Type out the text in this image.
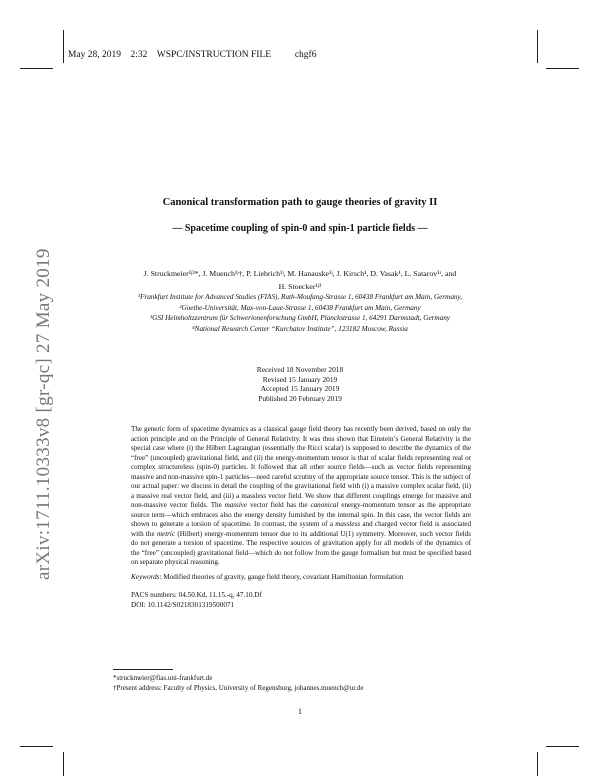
May 28, 2019 2:32 WSPC/INSTRUCTION FILE	chgf6
arXiv:1711.10333v8 [gr-qc] 27 May 2019
Canonical transformation path to gauge theories of gravity II
— Spacetime coupling of spin-0 and spin-1 particle fields —
J. Struckmeier¹ʲ³*, J. Muench¹ʲ†, P. Liebrich¹ʲ, M. Hanauske¹ʲ, J. Kirsch¹, D. Vasak¹, L. Satarov¹ʴ, and
H. Stoecker¹ʲ³
¹Frankfurt Institute for Advanced Studies (FIAS), Ruth-Moufang-Strasse 1, 60438 Frankfurt am Main, Germany,
²Goethe-Universität, Max-von-Laue-Strasse 1, 60438 Frankfurt am Main, Germany
³GSI Helmholtzzentrum für Schwerionenforschung GmbH, Planckstrasse 1, 64291 Darmstadt, Germany
⁴National Research Center “Kurchatov Institute”, 123182 Moscow, Russia
Received 18 November 2018
Revised 15 January 2019
Accepted 15 January 2019
Published 20 February 2019
The generic form of spacetime dynamics as a classical gauge field theory has recently been derived, based on only the action principle and on the Principle of General Relativity. It was thus shown that Einstein’s General Relativity is the special case where (i) the Hilbert Lagrangian (essentially the Ricci scalar) is supposed to describe the dynamics of the “free” (uncoupled) gravitational field, and (ii) the energy-momentum tensor is that of scalar fields representing real or complex structureless (spin-0) particles. It followed that all other source fields—such as vector fields representing massive and non-massive spin-1 particles—need careful scrutiny of the appropriate source tensor. This is the subject of our actual paper: we discuss in detail the coupling of the gravitational field with (i) a massive complex scalar field, (ii) a massive real vector field, and (iii) a massless vector field. We show that different couplings emerge for massive and non-massive vector fields. The massive vector field has the canonical energy-momentum tensor as the appropriate source term—which embraces also the energy density furnished by the internal spin. In this case, the vector fields are shown to generate a torsion of spacetime. In contrast, the system of a massless and charged vector field is associated with the metric (Hilbert) energy-momentum tensor due to its additional U(1) symmetry. Moreover, such vector fields do not generate a torsion of spacetime. The respective sources of gravitation apply for all models of the dynamics of the “free” (uncoupled) gravitational field—which do not follow from the gauge formalism but must be specified based on separate physical reasoning.
Keywords: Modified theories of gravity, gauge field theory, covariant Hamiltonian formulation
PACS numbers: 04.50.Kd, 11.15.-q, 47.10.Df
DOI: 10.1142/S0218301319500071
*struckmeier@fias.uni-frankfurt.de
†Present address: Faculty of Physics, University of Regensburg, johannes.muench@ur.de
1
